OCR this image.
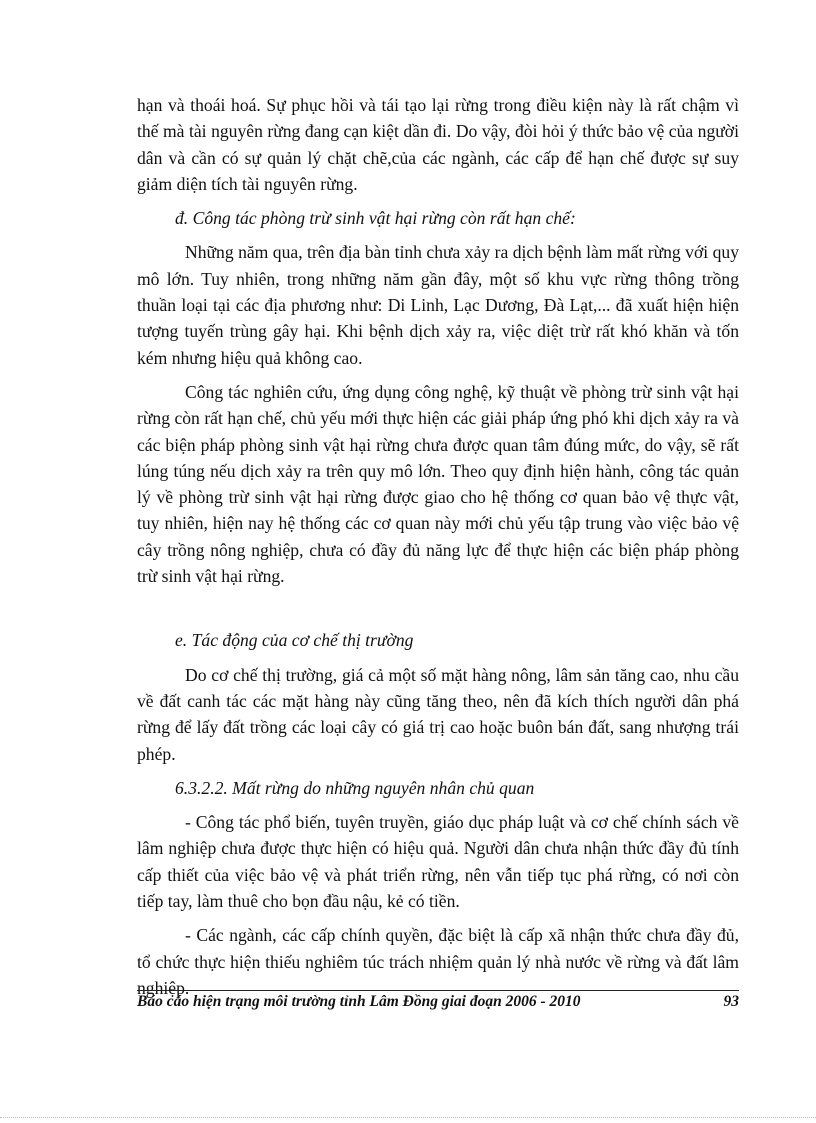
hạn và thoái hoá. Sự phục hồi và tái tạo lại rừng trong điều kiện này là rất chậm vì thế mà tài nguyên rừng đang cạn kiệt dần đi. Do vậy, đòi hỏi ý thức bảo vệ của người dân và cần có sự quản lý chặt chẽ,của các ngành, các cấp để hạn chế được sự suy giảm diện tích tài nguyên rừng.

đ. Công tác phòng trừ sinh vật hại rừng còn rất hạn chế:

Những năm qua, trên địa bàn tỉnh chưa xảy ra dịch bệnh làm mất rừng với quy mô lớn. Tuy nhiên, trong những năm gần đây, một số khu vực rừng thông trồng thuần loại tại các địa phương như: Di Linh, Lạc Dương, Đà Lạt,... đã xuất hiện hiện tượng tuyến trùng gây hại. Khi bệnh dịch xảy ra, việc diệt trừ rất khó khăn và tốn kém nhưng hiệu quả không cao.

Công tác nghiên cứu, ứng dụng công nghệ, kỹ thuật về phòng trừ sinh vật hại rừng còn rất hạn chế, chủ yếu mới thực hiện các giải pháp ứng phó khi dịch xảy ra và các biện pháp phòng sinh vật hại rừng chưa được quan tâm đúng mức, do vậy, sẽ rất lúng túng nếu dịch xảy ra trên quy mô lớn. Theo quy định hiện hành, công tác quản lý về phòng trừ sinh vật hại rừng được giao cho hệ thống cơ quan bảo vệ thực vật, tuy nhiên, hiện nay hệ thống các cơ quan này mới chủ yếu tập trung vào việc bảo vệ cây trồng nông nghiệp, chưa có đầy đủ năng lực để thực hiện các biện pháp phòng trừ sinh vật hại rừng.

e. Tác động của cơ chế thị trường

Do cơ chế thị trường, giá cả một số mặt hàng nông, lâm sản tăng cao, nhu cầu về đất canh tác các mặt hàng này cũng tăng theo, nên đã kích thích người dân phá rừng để lấy đất trồng các loại cây có giá trị cao hoặc buôn bán đất, sang nhượng trái phép.

6.3.2.2. Mất rừng do những nguyên nhân chủ quan

- Công tác phổ biến, tuyên truyền, giáo dục pháp luật và cơ chế chính sách về lâm nghiệp chưa được thực hiện có hiệu quả. Người dân chưa nhận thức đầy đủ tính cấp thiết của việc bảo vệ và phát triển rừng, nên vẫn tiếp tục phá rừng, có nơi còn tiếp tay, làm thuê cho bọn đầu nậu, kẻ có tiền.

- Các ngành, các cấp chính quyền, đặc biệt là cấp xã nhận thức chưa đầy đủ, tổ chức thực hiện thiếu nghiêm túc trách nhiệm quản lý nhà nước về rừng và đất lâm nghiệp.

Báo cáo hiện trạng môi trường tỉnh Lâm Đồng giai đoạn 2006 - 2010	93
